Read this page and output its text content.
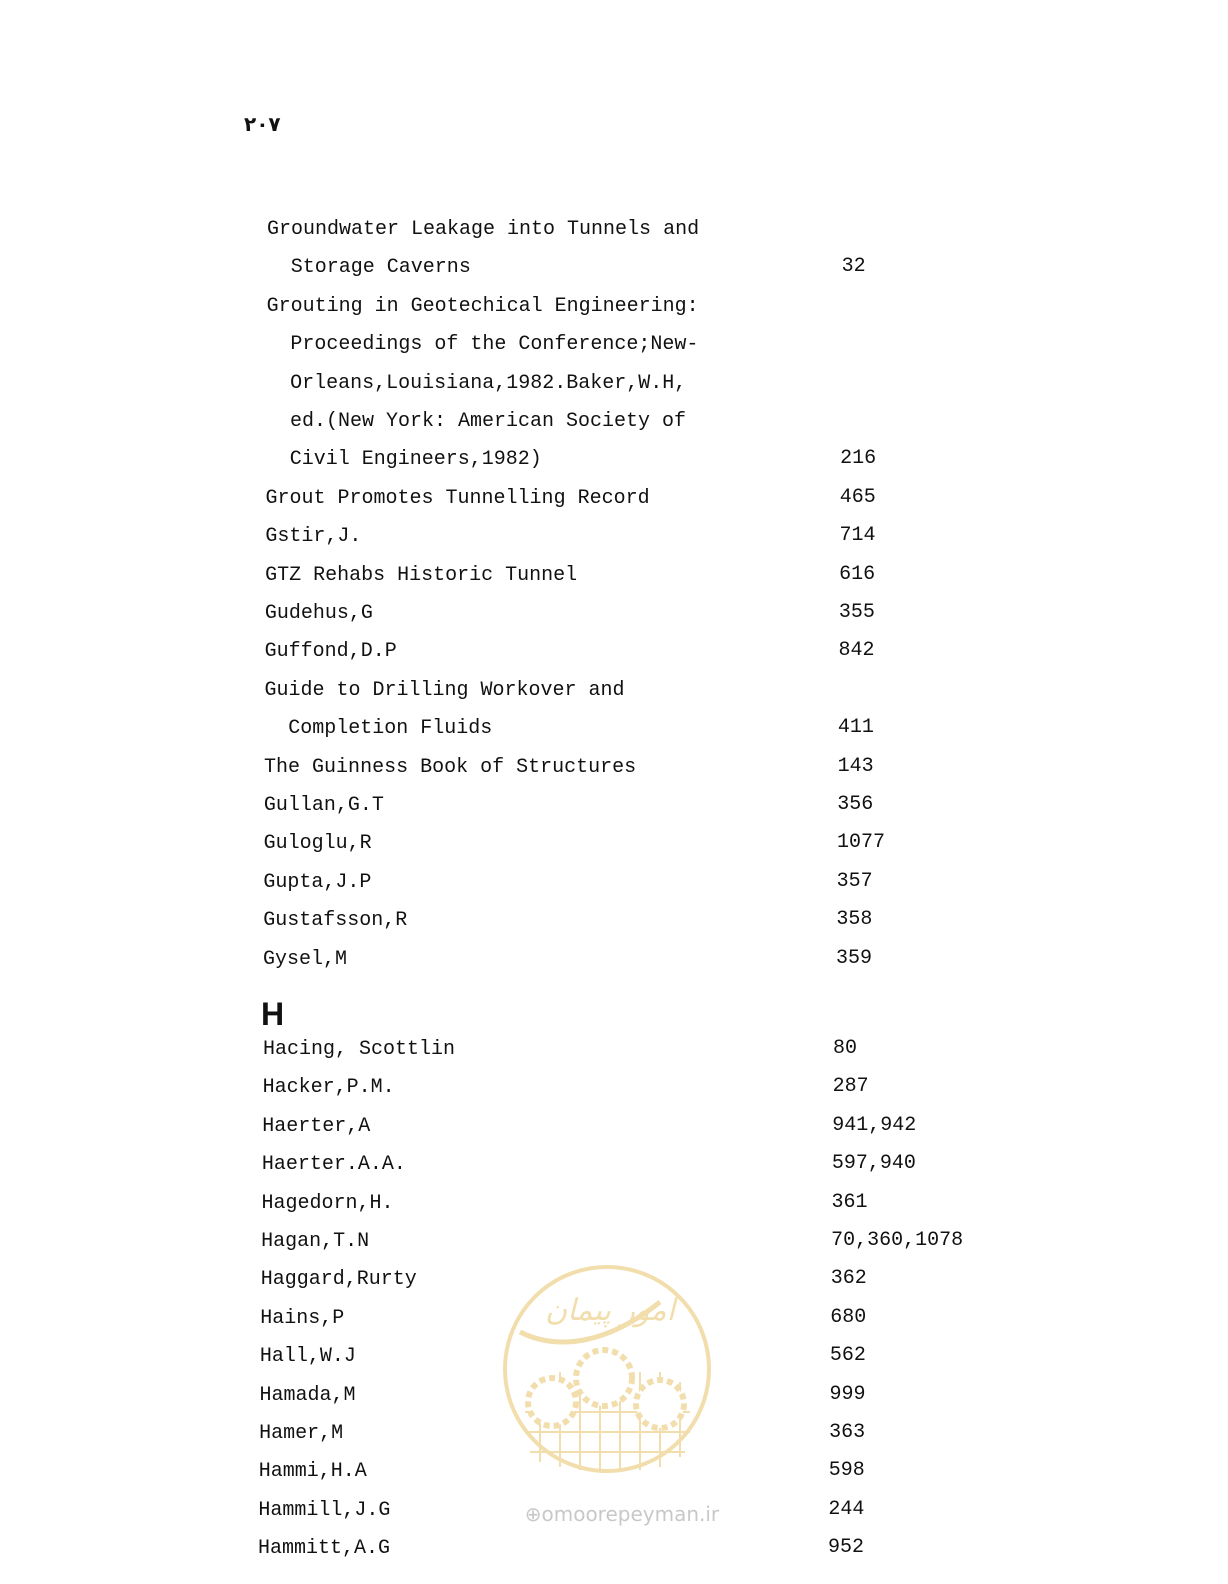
۲۰۷
Groundwater Leakage into Tunnels and
Storage Caverns	32
Grouting in Geotechical Engineering:
Proceedings of the Conference;New-
Orleans,Louisiana,1982.Baker,W.H,
ed.(New York: American Society of
Civil Engineers,1982)	216
Grout Promotes Tunnelling Record	465
Gstir,J.	714
GTZ Rehabs Historic Tunnel	616
Gudehus,G	355
Guffond,D.P	842
Guide to Drilling Workover and
Completion Fluids	411
The Guinness Book of Structures	143
Gullan,G.T	356
Guloglu,R	1077
Gupta,J.P	357
Gustafsson,R	358
Gysel,M	359
Hacing, Scottlin	80
Hacker,P.M.	287
Haerter,A	941,942
Haerter.A.A.	597,940
Hagedorn,H.	361
Hagan,T.N	70,360,1078
Haggard,Rurty	362
Hains,P	680
Hall,W.J	562
Hamada,M	999
Hamer,M	363
Hammi,H.A	598
Hammill,J.G	244
Hammitt,A.G	952
H
امور پیمان

⊕omoorepeyman.ir
